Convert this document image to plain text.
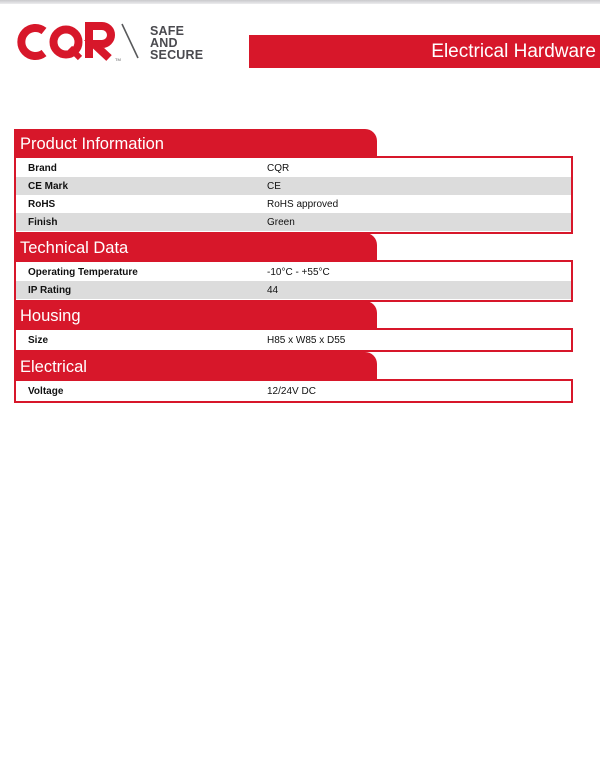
TM
SAFE
AND
SECURE	Electrical Hardware
Product Information
Brand	CQR
CE Mark	CE
RoHS	RoHS approved
Finish	Green
Technical Data
Operating Temperature	-10°C - +55°C
IP Rating	44
Housing
Size	H85 x W85 x D55
Electrical
Voltage	12/24V DC
